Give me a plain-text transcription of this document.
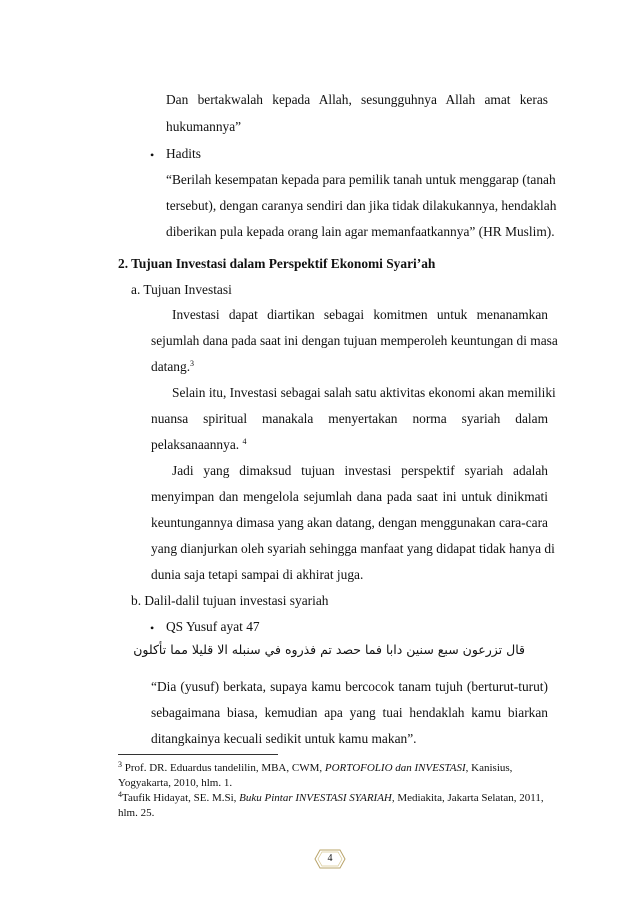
Dan bertakwalah kepada Allah, sesungguhnya Allah amat keras
hukumannya”
• Hadits
“Berilah kesempatan kepada para pemilik tanah untuk menggarap (tanah
tersebut), dengan caranya sendiri dan jika tidak dilakukannya, hendaklah
diberikan pula kepada orang lain agar memanfaatkannya” (HR Muslim).
2. Tujuan Investasi dalam Perspektif Ekonomi Syari’ah
a. Tujuan Investasi
Investasi dapat diartikan sebagai komitmen untuk menanamkan
sejumlah dana pada saat ini dengan tujuan memperoleh keuntungan di masa
datang.$^3$
Selain itu, Investasi sebagai salah satu aktivitas ekonomi akan memiliki
nuansa spiritual manakala menyertakan norma syariah dalam
pelaksanaannya. $^4$
Jadi yang dimaksud tujuan investasi perspektif syariah adalah
menyimpan dan mengelola sejumlah dana pada saat ini untuk dinikmati
keuntungannya dimasa yang akan datang, dengan menggunakan cara-cara
yang dianjurkan oleh syariah sehingga manfaat yang didapat tidak hanya di
dunia saja tetapi sampai di akhirat juga.
b. Dalil-dalil tujuan investasi syariah
• QS Yusuf ayat 47
قال تزرعون سبع سنين دابا فما حصد تم فذروه في سنبله الا قليلا مما تأكلون
“Dia (yusuf) berkata, supaya kamu bercocok tanam tujuh (berturut-turut)
sebagaimana biasa, kemudian apa yang tuai hendaklah kamu biarkan
ditangkainya kecuali sedikit untuk kamu makan”.
$^3$ Prof. DR. Eduardus tandelilin, MBA, CWM, PORTOFOLIO dan INVESTASI, Kanisius,
Yogyakarta, 2010, hlm. 1.
$^4$Taufik Hidayat, SE. M.Si, Buku Pintar INVESTASI SYARIAH, Mediakita, Jakarta Selatan, 2011,
hlm. 25.
4
